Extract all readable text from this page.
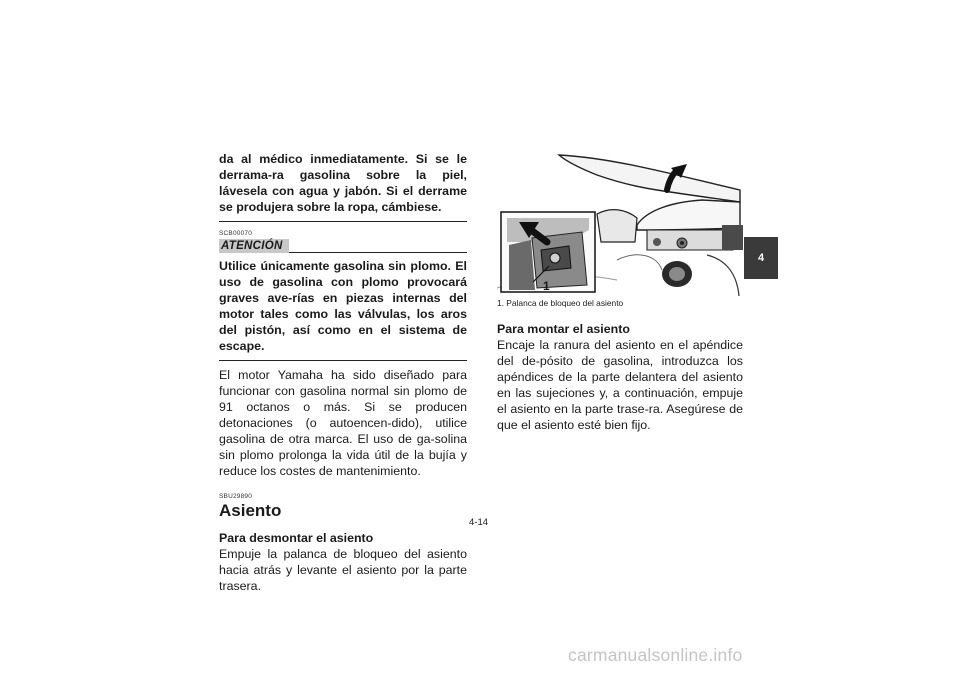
da al médico inmediatamente. Si se le derrama-ra gasolina sobre la piel, lávesela con agua y jabón. Si el derrame se produjera sobre la ropa, cámbiese.
SCB00070
ATENCIÓN
Utilice únicamente gasolina sin plomo. El uso de gasolina con plomo provocará graves ave-rías en piezas internas del motor tales como las válvulas, los aros del pistón, así como en el sistema de escape.
El motor Yamaha ha sido diseñado para funcionar con gasolina normal sin plomo de 91 octanos o más. Si se producen detonaciones (o autoencen-dido), utilice gasolina de otra marca. El uso de ga-solina sin plomo prolonga la vida útil de la bujía y reduce los costes de mantenimiento.
SBU29890
Asiento
Para desmontar el asiento
Empuje la palanca de bloqueo del asiento hacia atrás y levante el asiento por la parte trasera.
1
1. Palanca de bloqueo del asiento
Para montar el asiento
Encaje la ranura del asiento en el apéndice del de-pósito de gasolina, introduzca los apéndices de la parte delantera del asiento en las sujeciones y, a continuación, empuje el asiento en la parte trase-ra. Asegúrese de que el asiento esté bien fijo.
4-14
4
carmanualsonline.info
